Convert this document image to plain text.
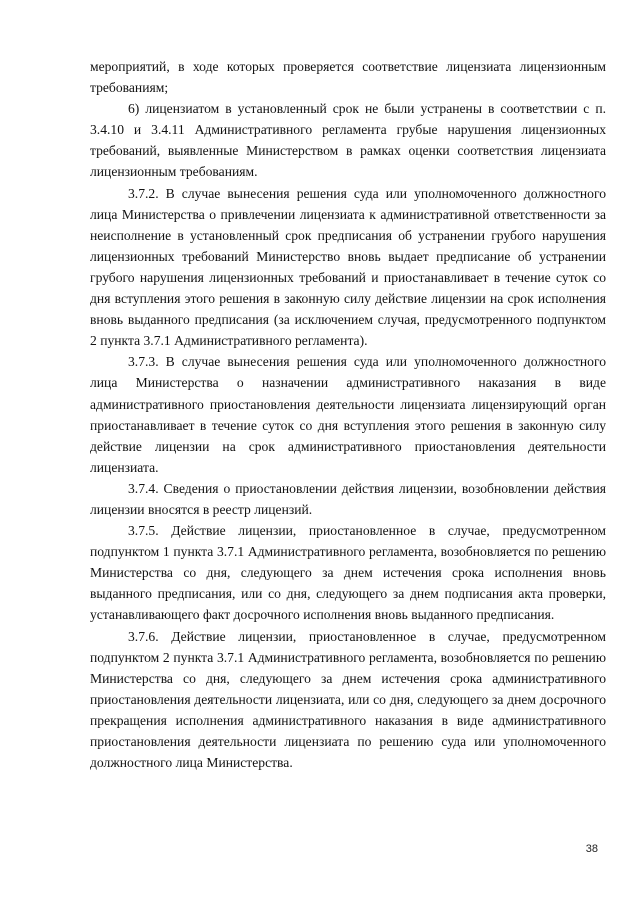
мероприятий, в ходе которых проверяется соответствие лицензиата лицензионным требованиям;

6) лицензиатом в установленный срок не были устранены в соответствии с п. 3.4.10 и 3.4.11 Административного регламента грубые нарушения лицензионных требований, выявленные Министерством в рамках оценки соответствия лицензиата лицензионным требованиям.

3.7.2. В случае вынесения решения суда или уполномоченного должностного лица Министерства о привлечении лицензиата к административной ответственности за неисполнение в установленный срок предписания об устранении грубого нарушения лицензионных требований Министерство вновь выдает предписание об устранении грубого нарушения лицензионных требований и приостанавливает в течение суток со дня вступления этого решения в законную силу действие лицензии на срок исполнения вновь выданного предписания (за исключением случая, предусмотренного подпунктом 2 пункта 3.7.1 Административного регламента).

3.7.3. В случае вынесения решения суда или уполномоченного должностного лица Министерства о назначении административного наказания в виде административного приостановления деятельности лицензиата лицензирующий орган приостанавливает в течение суток со дня вступления этого решения в законную силу действие лицензии на срок административного приостановления деятельности лицензиата.

3.7.4. Сведения о приостановлении действия лицензии, возобновлении действия лицензии вносятся в реестр лицензий.

3.7.5. Действие лицензии, приостановленное в случае, предусмотренном подпунктом 1 пункта 3.7.1 Административного регламента, возобновляется по решению Министерства со дня, следующего за днем истечения срока исполнения вновь выданного предписания, или со дня, следующего за днем подписания акта проверки, устанавливающего факт досрочного исполнения вновь выданного предписания.

3.7.6. Действие лицензии, приостановленное в случае, предусмотренном подпунктом 2 пункта 3.7.1 Административного регламента, возобновляется по решению Министерства со дня, следующего за днем истечения срока административного приостановления деятельности лицензиата, или со дня, следующего за днем досрочного прекращения исполнения административного наказания в виде административного приостановления деятельности лицензиата по решению суда или уполномоченного должностного лица Министерства.

38
